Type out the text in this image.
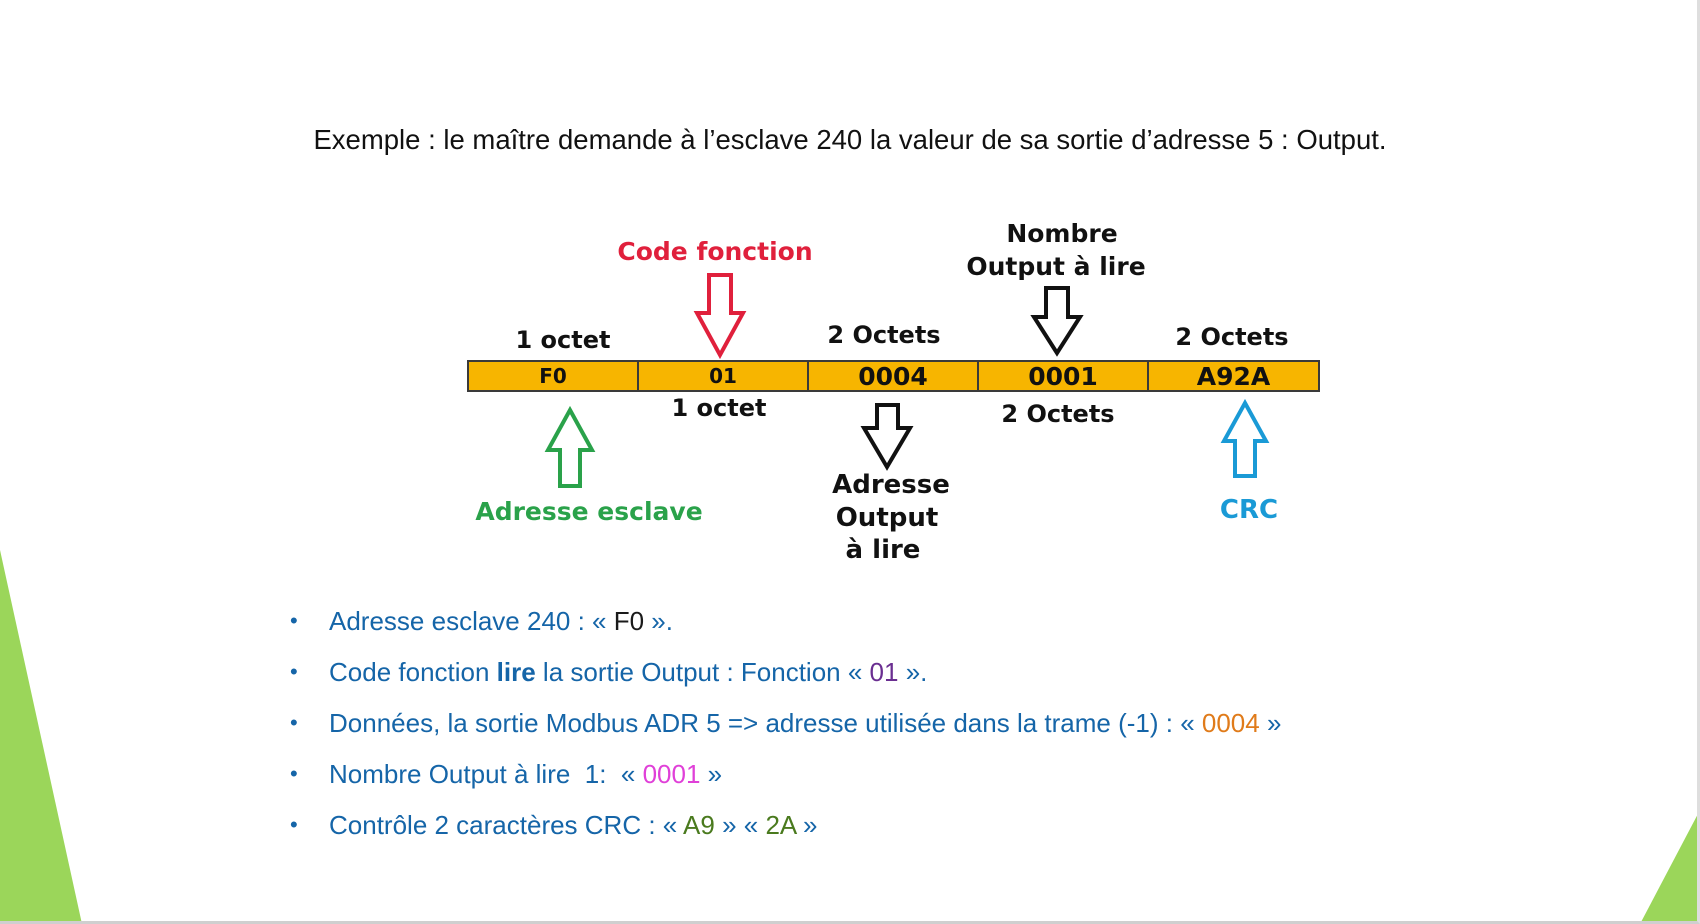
Exemple : le maître demande à l’esclave 240 la valeur de sa sortie d’adresse 5 : Output.
Code fonction
Nombre
Output à lire
1 octet	2 Octets	2 Octets
F0	01	0004	0001	A92A
1 octet	2 Octets
Adresse
Output
à lire
Adresse esclave	CRC
• Adresse esclave 240 : « F0 ».
• Code fonction lire la sortie Output : Fonction « 01 ».
• Données, la sortie Modbus ADR 5 => adresse utilisée dans la trame (-1) : « 0004 »
• Nombre Output à lire  1:  « 0001 »
• Contrôle 2 caractères CRC : « A9 » « 2A »
